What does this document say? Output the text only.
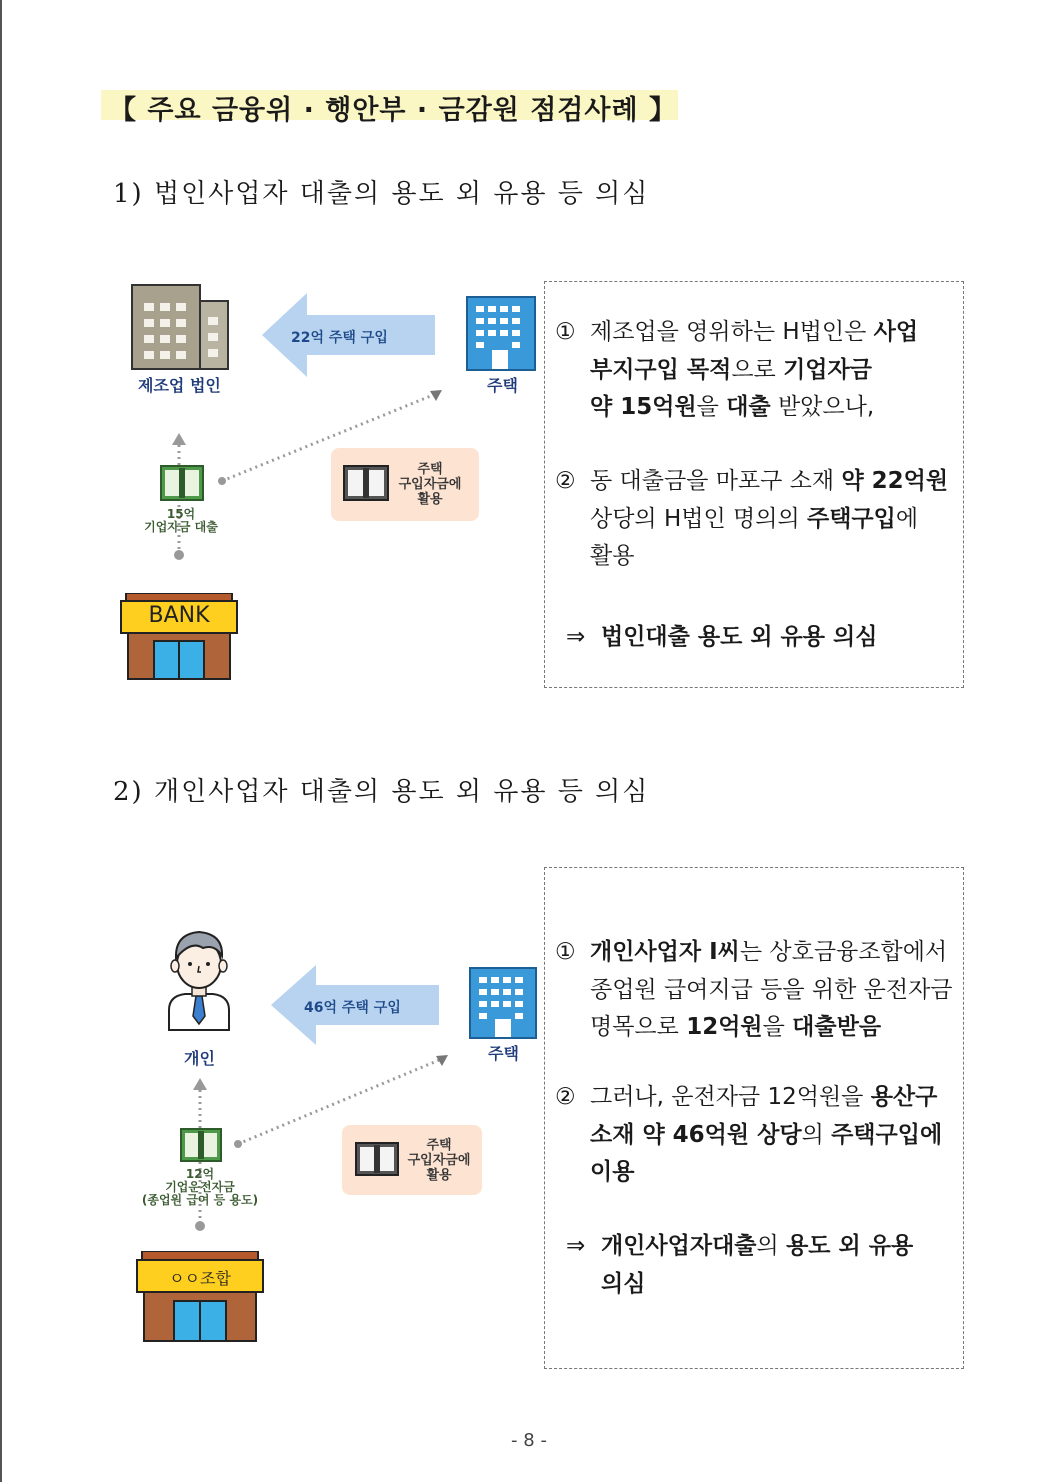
【 주요 금융위 · 행안부 · 금감원 점검사례 】
1) 법인사업자 대출의 용도 외 유용 등 의심
제조업 법인
22억 주택 구입
주택
15억
기업자금 대출
주택
구입자금에
활용
BANK
① 제조업을 영위하는 H법인은 사업
부지구입 목적으로 기업자금
약 15억원을 대출 받았으나,
② 동 대출금을 마포구 소재 약 22억원
상당의 H법인 명의의 주택구입에
활용
⇒ 법인대출 용도 외 유용 의심
2) 개인사업자 대출의 용도 외 유용 등 의심
개인
46억 주택 구입
주택
12억
기업운전자금
(종업원 급여 등 용도)
주택
구입자금에
활용
ㅇㅇ조합
① 개인사업자 I씨는 상호금융조합에서
종업원 급여지급 등을 위한 운전자금
명목으로 12억원을 대출받음
② 그러나, 운전자금 12억원을 용산구
소재 약 46억원 상당의 주택구입에
이용
⇒ 개인사업자대출의 용도 외 유용
의심
- 8 -
